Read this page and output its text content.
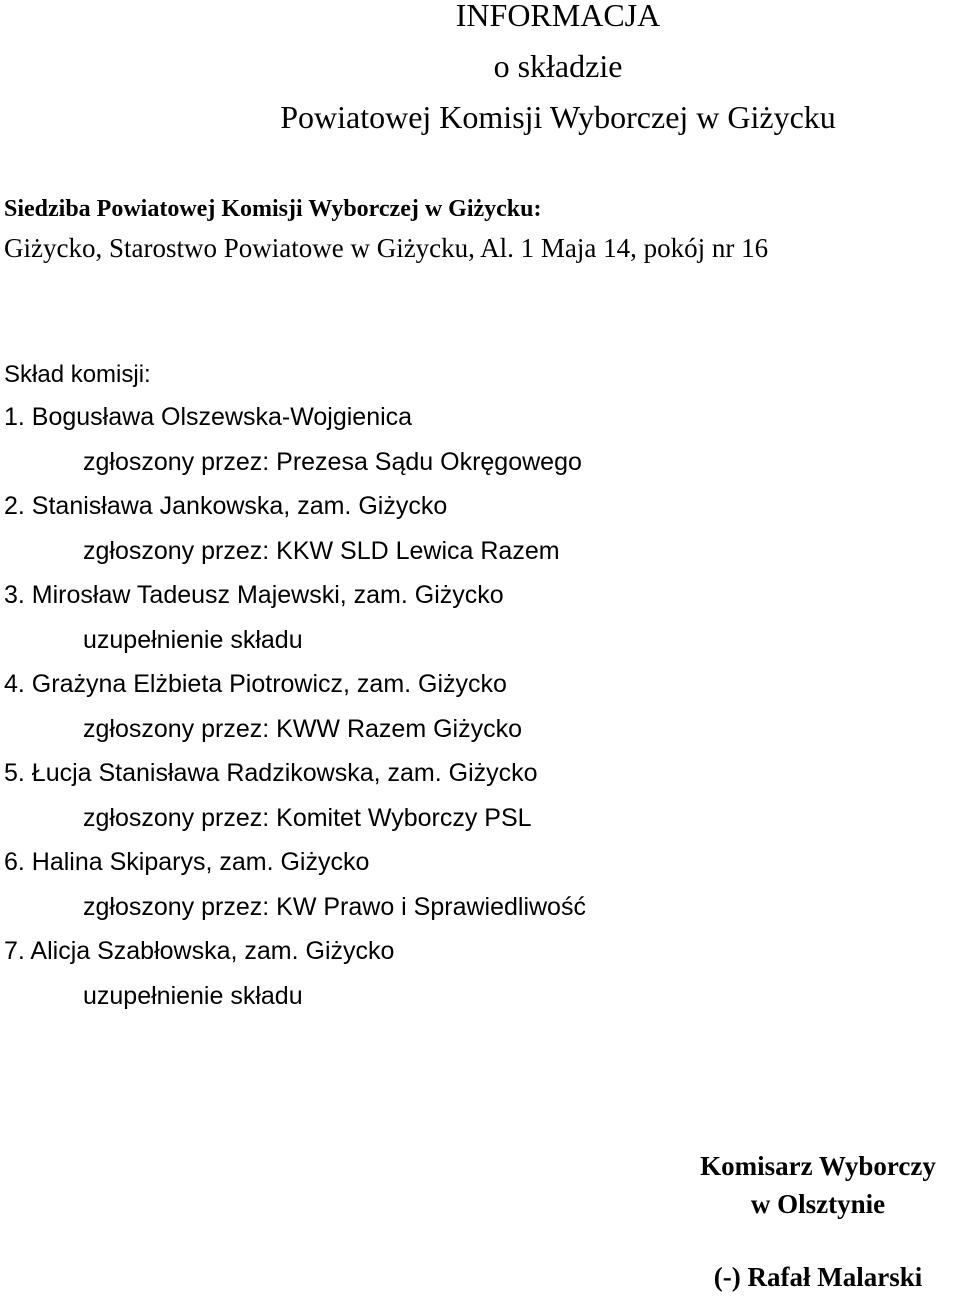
INFORMACJA
o składzie
Powiatowej Komisji Wyborczej w Giżycku
Siedziba Powiatowej Komisji Wyborczej w Giżycku:
Giżycko, Starostwo Powiatowe w Giżycku, Al. 1 Maja 14, pokój nr 16
Skład komisji:
1. Bogusława Olszewska-Wojgienica
zgłoszony przez: Prezesa Sądu Okręgowego
2. Stanisława Jankowska, zam. Giżycko
zgłoszony przez: KKW SLD Lewica Razem
3. Mirosław Tadeusz Majewski, zam. Giżycko
uzupełnienie składu
4. Grażyna Elżbieta Piotrowicz, zam. Giżycko
zgłoszony przez: KWW Razem Giżycko
5. Łucja Stanisława Radzikowska, zam. Giżycko
zgłoszony przez: Komitet Wyborczy PSL
6. Halina Skiparys, zam. Giżycko
zgłoszony przez: KW Prawo i Sprawiedliwość
7. Alicja Szabłowska, zam. Giżycko
uzupełnienie składu
Komisarz Wyborczy
w Olsztynie
(-) Rafał Malarski
